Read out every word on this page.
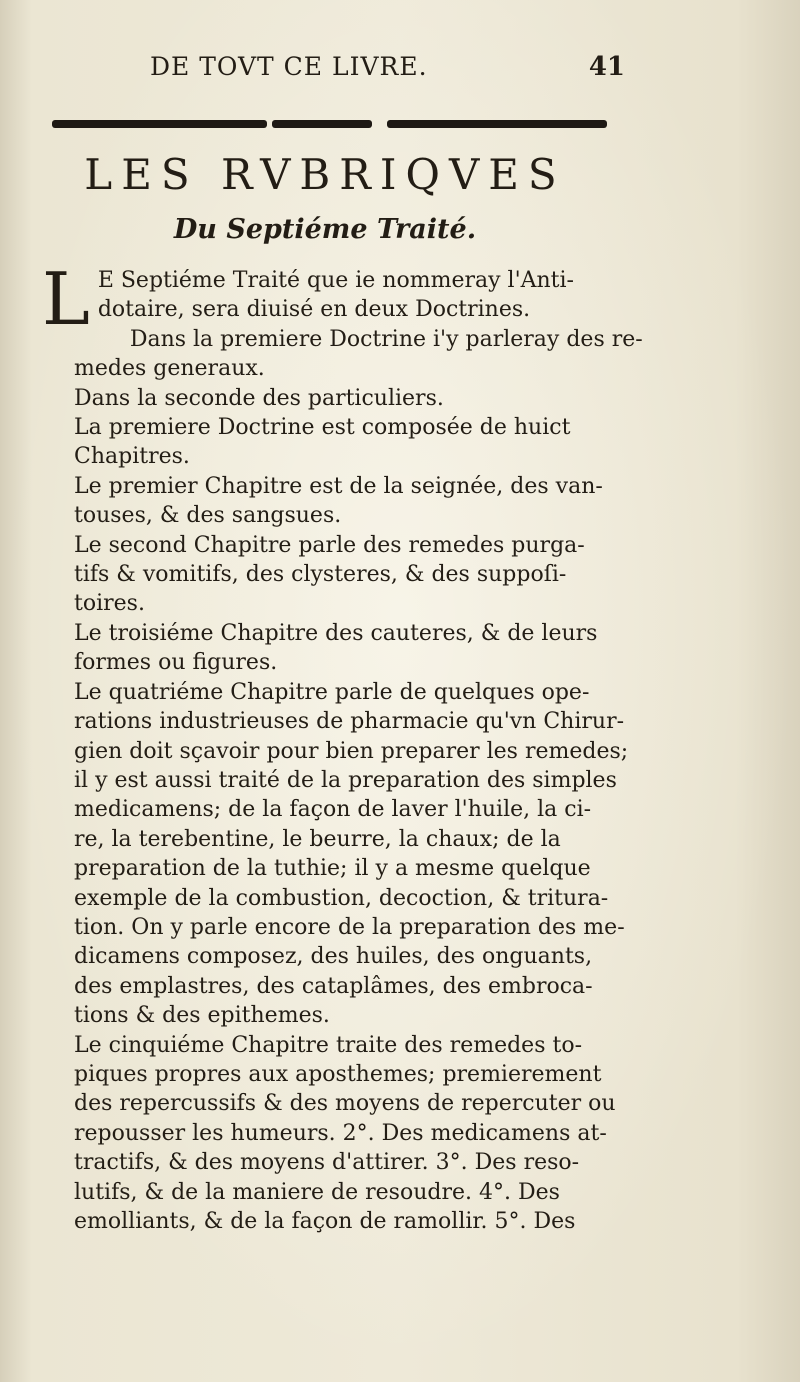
DE TOVT CE LIVRE.	41
LES RVBRIQVES
Du Septiéme Traité.

L E Septiéme Traité que ie nommeray l'Anti-
dotaire, sera diuisé en deux Doctrines.

Dans la premiere Doctrine i'y parleray des re-
medes generaux.

Dans la seconde des particuliers.

La premiere Doctrine est composée de huict
Chapitres.

Le premier Chapitre est de la seignée, des van-
touses, & des sangsues.

Le second Chapitre parle des remedes purga-
tifs & vomitifs, des clysteres, & des suppoſi-
toires.

Le troisiéme Chapitre des cauteres, & de leurs
formes ou figures.

Le quatriéme Chapitre parle de quelques ope-
rations industrieuses de pharmacie qu'vn Chirur-
gien doit sçavoir pour bien preparer les remedes;
il y est aussi traité de la preparation des simples
medicamens; de la façon de laver l'huile, la ci-
re, la terebentine, le beurre, la chaux; de la
preparation de la tuthie; il y a mesme quelque
exemple de la combustion, decoction, & tritura-
tion. On y parle encore de la preparation des me-
dicamens composez, des huiles, des onguants,
des emplastres, des cataplâmes, des embroca-
tions & des epithemes.

Le cinquiéme Chapitre traite des remedes to-
piques propres aux aposthemes; premierement
des repercussifs & des moyens de repercuter ou
repousser les humeurs. 2°. Des medicamens at-
tractifs, & des moyens d'attirer. 3°. Des reso-
lutifs, & de la maniere de resoudre. 4°. Des
emolliants, & de la façon de ramollir. 5°. Des
